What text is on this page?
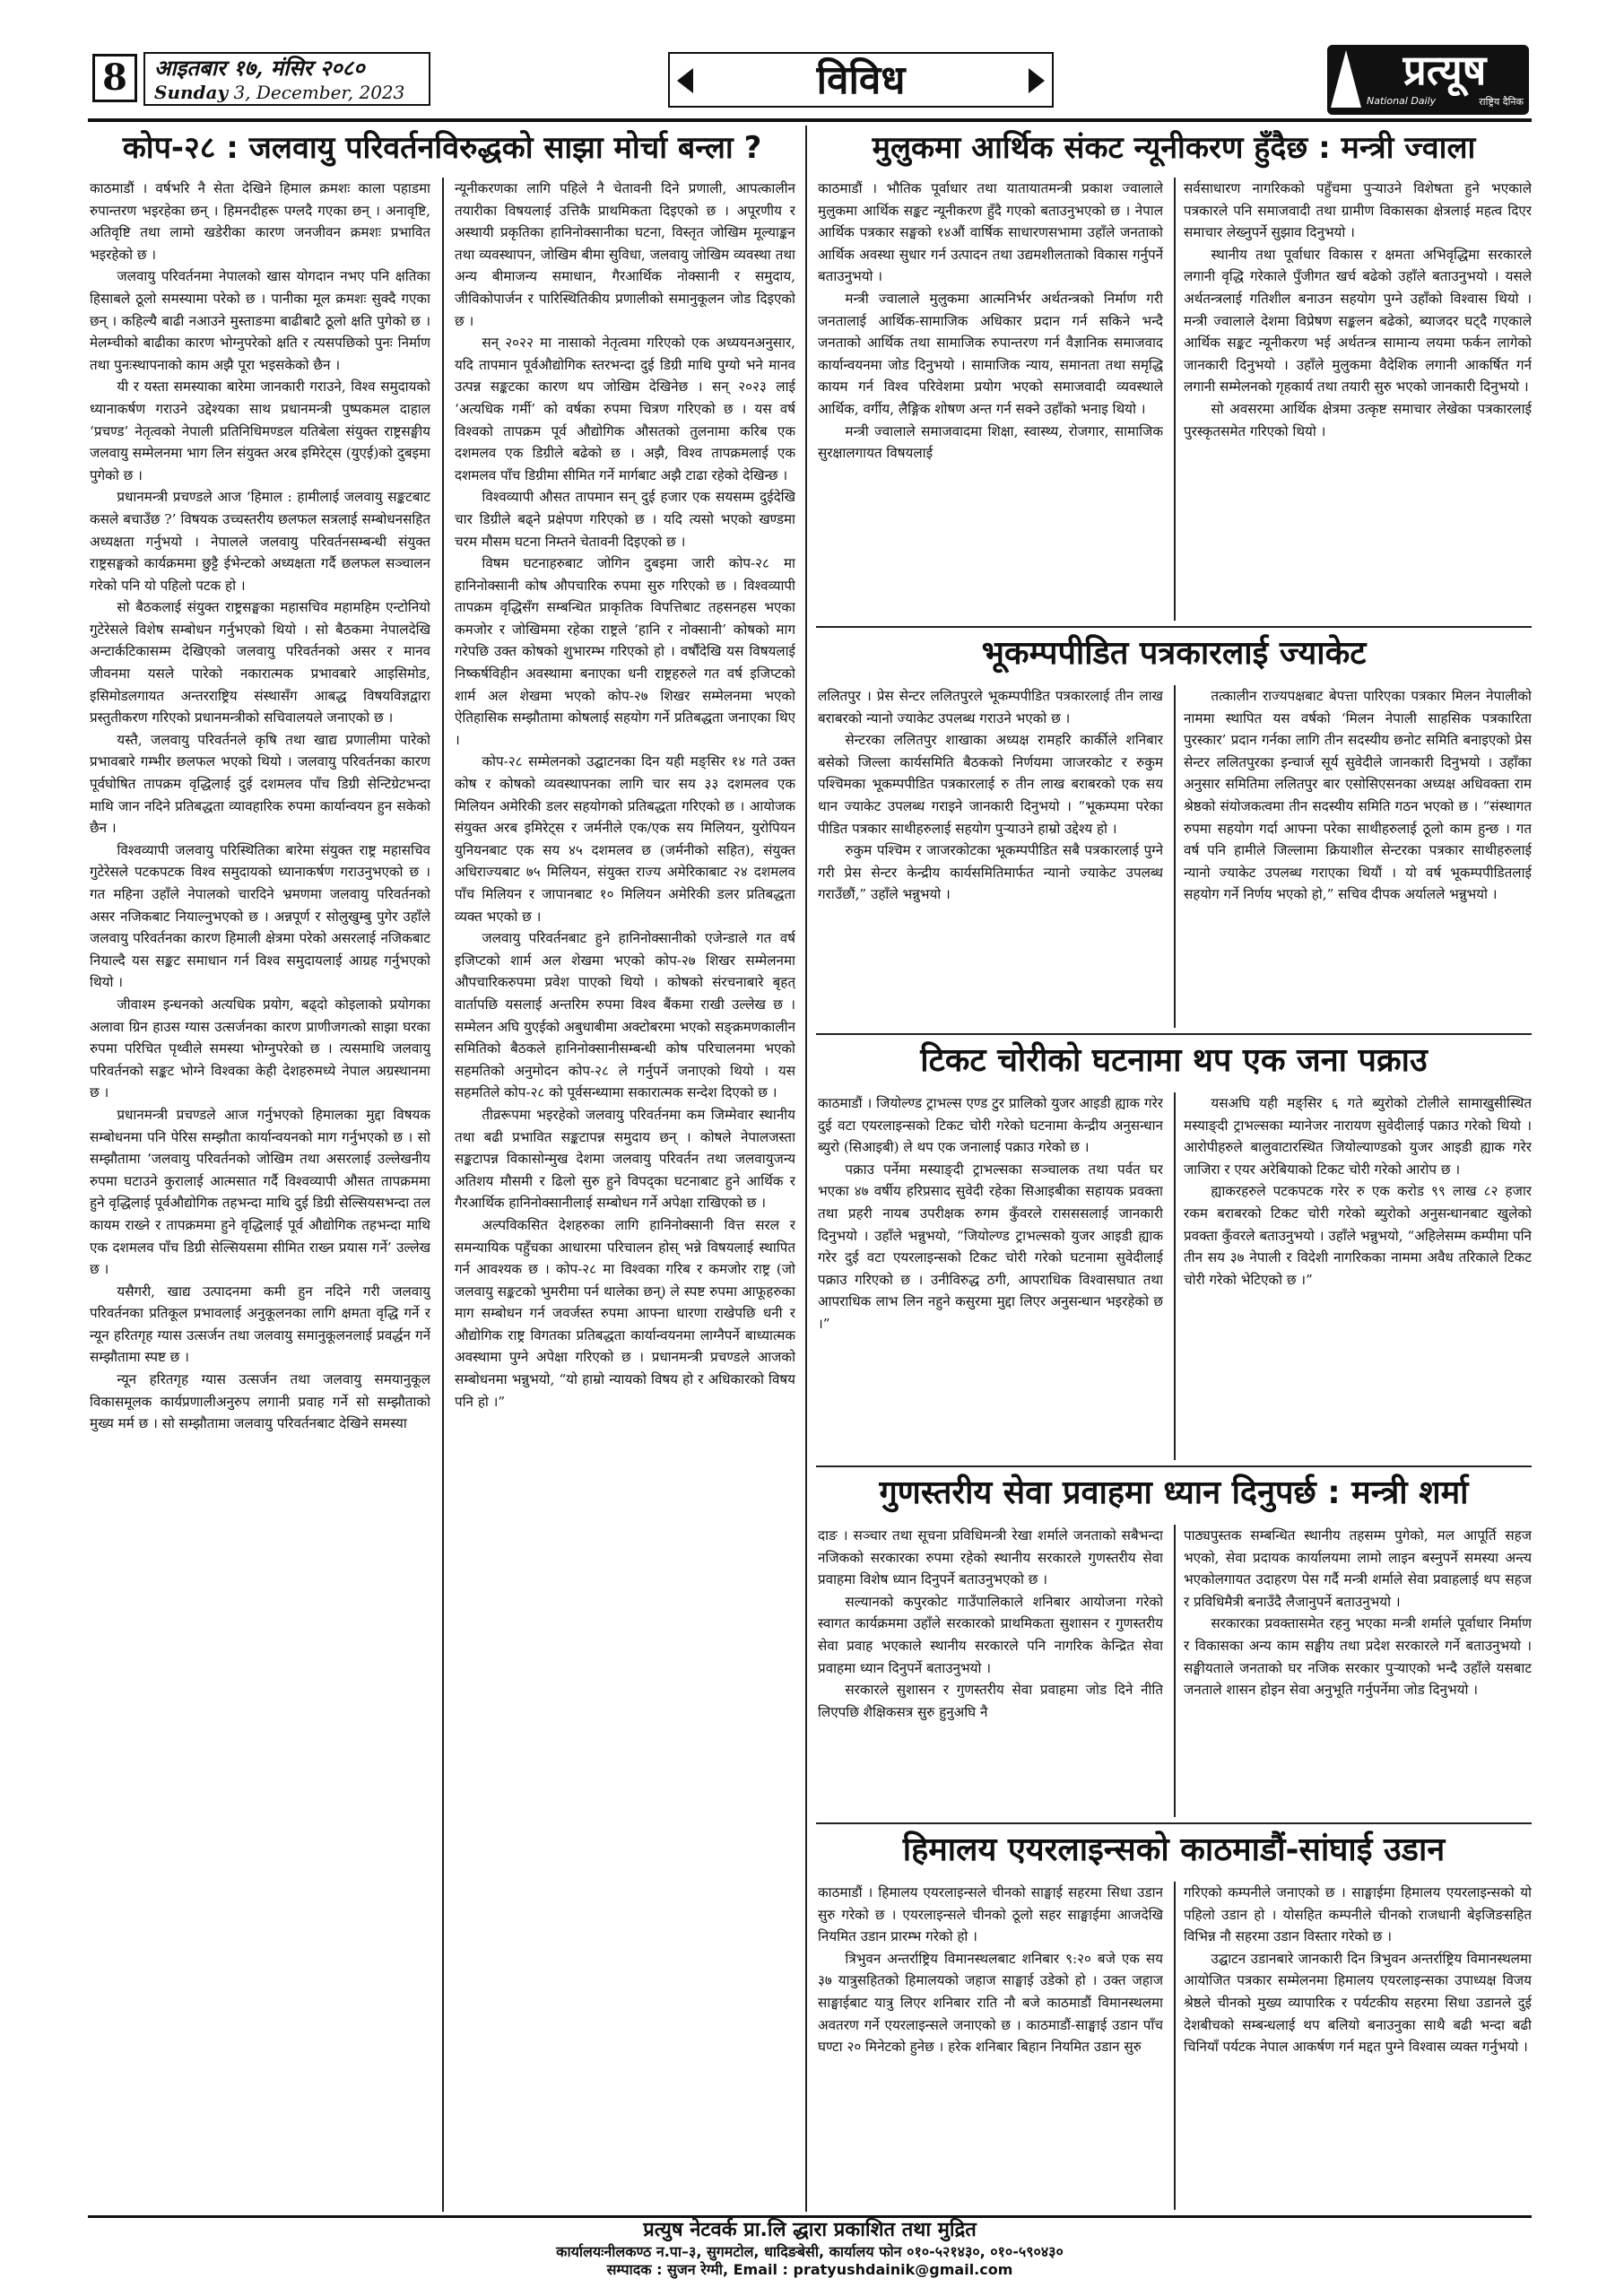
8	आइतबार १७, मंसिर २०८०
Sunday 3, December, 2023	विविध	प्रत्यूष
National Daily	राष्ट्रिय दैनिक
कोप-२८ : जलवायु परिवर्तनविरुद्धको साझा मोर्चा बन्ला ?

काठमाडौं । वर्षभरि नै सेता देखिने हिमाल क्रमशः काला पहाडमा रुपान्तरण भइरहेका छन् । हिमनदीहरू पग्लदै गएका छन् । अनावृष्टि, अतिवृष्टि तथा लामो खडेरीका कारण जनजीवन क्रमशः प्रभावित भइरहेको छ ।

जलवायु परिवर्तनमा नेपालको खास योगदान नभए पनि क्षतिका हिसाबले ठूलो समस्यामा परेको छ । पानीका मूल क्रमशः सुक्दै गएका छन् । कहिल्यै बाढी नआउने मुस्ताङमा बाढीबाटै ठूलो क्षति पुगेको छ । मेलम्चीको बाढीका कारण भोग्नुपरेको क्षति र त्यसपछिको पुनः निर्माण तथा पुनःस्थापनाको काम अझै पूरा भइसकेको छैन ।

यी र यस्ता समस्याका बारेमा जानकारी गराउने, विश्व समुदायको ध्यानाकर्षण गराउने उद्देश्यका साथ प्रधानमन्त्री पुष्पकमल दाहाल ‘प्रचण्ड’ नेतृत्वको नेपाली प्रतिनिधिमण्डल यतिबेला संयुक्त राष्ट्रसङ्घीय जलवायु सम्मेलनमा भाग लिन संयुक्त अरब इमिरेट्स (युएई)को दुबइमा पुगेको छ ।

प्रधानमन्त्री प्रचण्डले आज ‘हिमाल : हामीलाई जलवायु सङ्कटबाट कसले बचाउँछ ?’ विषयक उच्चस्तरीय छलफल सत्रलाई सम्बोधनसहित अध्यक्षता गर्नुभयो । नेपालले जलवायु परिवर्तनसम्बन्धी संयुक्त राष्ट्रसङ्घको कार्यक्रममा छुट्टै ईभेन्टको अध्यक्षता गर्दै छलफल सञ्चालन गरेको पनि यो पहिलो पटक हो ।

सो बैठकलाई संयुक्त राष्ट्रसङ्घका महासचिव महामहिम एन्टोनियो गुटेरेसले विशेष सम्बोधन गर्नुभएको थियो । सो बैठकमा नेपालदेखि अन्टार्कटिकासम्म देखिएको जलवायु परिवर्तनको असर र मानव जीवनमा यसले पारेको नकारात्मक प्रभावबारे आइसिमोड, इसिमोडलगायत अन्तरराष्ट्रिय संस्थासँग आबद्ध विषयविज्ञद्वारा प्रस्तुतीकरण गरिएको प्रधानमन्त्रीको सचिवालयले जनाएको छ ।

यस्तै, जलवायु परिवर्तनले कृषि तथा खाद्य प्रणालीमा पारेको प्रभावबारे गम्भीर छलफल भएको थियो । जलवायु परिवर्तनका कारण पूर्वघोषित तापक्रम वृद्धिलाई दुई दशमलव पाँच डिग्री सेन्टिग्रेटभन्दा माथि जान नदिने प्रतिबद्धता व्यावहारिक रुपमा कार्यान्वयन हुन सकेको छैन ।

विश्वव्यापी जलवायु परिस्थितिका बारेमा संयुक्त राष्ट्र महासचिव गुटेरेसले पटकपटक विश्व समुदायको ध्यानाकर्षण गराउनुभएको छ । गत महिना उहाँले नेपालको चारदिने भ्रमणमा जलवायु परिवर्तनको असर नजिकबाट नियाल्नुभएको छ । अन्नपूर्ण र सोलुखुम्बु पुगेर उहाँले जलवायु परिवर्तनका कारण हिमाली क्षेत्रमा परेको असरलाई नजिकबाट नियाल्दै यस सङ्कट समाधान गर्न विश्व समुदायलाई आग्रह गर्नुभएको थियो ।

जीवाश्म इन्धनको अत्यधिक प्रयोग, बढ्दो कोइलाको प्रयोगका अलावा ग्रिन हाउस ग्यास उत्सर्जनका कारण प्राणीजगत्को साझा घरका रुपमा परिचित पृथ्वीले समस्या भोग्नुपरेको छ । त्यसमाथि जलवायु परिवर्तनको सङ्कट भोग्ने विश्वका केही देशहरुमध्ये नेपाल अग्रस्थानमा छ ।

प्रधानमन्त्री प्रचण्डले आज गर्नुभएको हिमालका मुद्दा विषयक सम्बोधनमा पनि पेरिस सम्झौता कार्यान्वयनको माग गर्नुभएको छ । सो सम्झौतामा ‘जलवायु परिवर्तनको जोखिम तथा असरलाई उल्लेखनीय रुपमा घटाउने कुरालाई आत्मसात गर्दै विश्वव्यापी औसत तापक्रममा हुने वृद्धिलाई पूर्वऔद्योगिक तहभन्दा माथि दुई डिग्री सेल्सियसभन्दा तल कायम राख्ने र तापक्रममा हुने वृद्धिलाई पूर्व औद्योगिक तहभन्दा माथि एक दशमलव पाँच डिग्री सेल्सियसमा सीमित राख्न प्रयास गर्ने’ उल्लेख छ ।

यसैगरी, खाद्य उत्पादनमा कमी हुन नदिने गरी जलवायु परिवर्तनका प्रतिकूल प्रभावलाई अनुकूलनका लागि क्षमता वृद्धि गर्ने र न्यून हरितगृह ग्यास उत्सर्जन तथा जलवायु समानुकूलनलाई प्रवर्द्धन गर्ने सम्झौतामा स्पष्ट छ ।

न्यून हरितगृह ग्यास उत्सर्जन तथा जलवायु समयानुकूल विकासमूलक कार्यप्रणालीअनुरुप लगानी प्रवाह गर्ने सो सम्झौताको मुख्य मर्म छ । सो सम्झौतामा जलवायु परिवर्तनबाट देखिने समस्या

न्यूनीकरणका लागि पहिले नै चेतावनी दिने प्रणाली, आपत्कालीन तयारीका विषयलाई उत्तिकै प्राथमिकता दिइएको छ । अपूरणीय र अस्थायी प्रकृतिका हानिनोक्सानीका घटना, विस्तृत जोखिम मूल्याङ्कन तथा व्यवस्थापन, जोखिम बीमा सुविधा, जलवायु जोखिम व्यवस्था तथा अन्य बीमाजन्य समाधान, गैरआर्थिक नोक्सानी र समुदाय, जीविकोपार्जन र पारिस्थितिकीय प्रणालीको समानुकूलन जोड दिइएको छ ।

सन् २०२२ मा नासाको नेतृत्वमा गरिएको एक अध्ययनअनुसार, यदि तापमान पूर्वऔद्योगिक स्तरभन्दा दुई डिग्री माथि पुग्यो भने मानव उत्पन्न सङ्कटका कारण थप जोखिम देखिनेछ । सन् २०२३ लाई ‘अत्यधिक गर्मी’ को वर्षका रुपमा चित्रण गरिएको छ । यस वर्ष विश्वको तापक्रम पूर्व औद्योगिक औसतको तुलनामा करिब एक दशमलव एक डिग्रीले बढेको छ । अझै, विश्व तापक्रमलाई एक दशमलव पाँच डिग्रीमा सीमित गर्ने मार्गबाट अझै टाढा रहेको देखिन्छ ।

विश्वव्यापी औसत तापमान सन् दुई हजार एक सयसम्म दुईदेखि चार डिग्रीले बढ्ने प्रक्षेपण गरिएको छ । यदि त्यसो भएको खण्डमा चरम मौसम घटना निम्तने चेतावनी दिइएको छ ।

विषम घटनाहरुबाट जोगिन दुबइमा जारी कोप-२८ मा हानिनोक्सानी कोष औपचारिक रुपमा सुरु गरिएको छ । विश्वव्यापी तापक्रम वृद्धिसँग सम्बन्धित प्राकृतिक विपत्तिबाट तहसनहस भएका कमजोर र जोखिममा रहेका राष्ट्रले ‘हानि र नोक्सानी’ कोषको माग गरेपछि उक्त कोषको शुभारम्भ गरिएको हो । वर्षौंदेखि यस विषयलाई निष्कर्षविहीन अवस्थामा बनाएका धनी राष्ट्रहरुले गत वर्ष इजिप्टको शार्म अल शेखमा भएको कोप-२७ शिखर सम्मेलनमा भएको ऐतिहासिक सम्झौतामा कोषलाई सहयोग गर्ने प्रतिबद्धता जनाएका थिए ।

कोप-२८ सम्मेलनको उद्घाटनका दिन यही मङ्सिर १४ गते उक्त कोष र कोषको व्यवस्थापनका लागि चार सय ३३ दशमलव एक मिलियन अमेरिकी डलर सहयोगको प्रतिबद्धता गरिएको छ । आयोजक संयुक्त अरब इमिरेट्स र जर्मनीले एक/एक सय मिलियन, युरोपियन युनियनबाट एक सय ४५ दशमलव छ (जर्मनीको सहित), संयुक्त अधिराज्यबाट ७५ मिलियन, संयुक्त राज्य अमेरिकाबाट २४ दशमलव पाँच मिलियन र जापानबाट १० मिलियन अमेरिकी डलर प्रतिबद्धता व्यक्त भएको छ ।

जलवायु परिवर्तनबाट हुने हानिनोक्सानीको एजेन्डाले गत वर्ष इजिप्टको शार्म अल शेखमा भएको कोप-२७ शिखर सम्मेलनमा औपचारिकरुपमा प्रवेश पाएको थियो । कोषको संरचनाबारे बृहत् वार्तापछि यसलाई अन्तरिम रुपमा विश्व बैंकमा राखी उल्लेख छ । सम्मेलन अघि युएईको अबुधाबीमा अक्टोबरमा भएको सङ्क्रमणकालीन समितिको बैठकले हानिनोक्सानीसम्बन्धी कोष परिचालनमा भएको सहमतिको अनुमोदन कोप-२८ ले गर्नुपर्ने जनाएको थियो । यस सहमतिले कोप-२८ को पूर्वसन्ध्यामा सकारात्मक सन्देश दिएको छ ।

तीव्ररूपमा भइरहेको जलवायु परिवर्तनमा कम जिम्मेवार स्थानीय तथा बढी प्रभावित सङ्कटापन्न समुदाय छन् । कोषले नेपालजस्ता सङ्कटापन्न विकासोन्मुख देशमा जलवायु परिवर्तन तथा जलवायुजन्य अतिशय मौसमी र ढिलो सुरु हुने विपद्का घटनाबाट हुने आर्थिक र गैरआर्थिक हानिनोक्सानीलाई सम्बोधन गर्ने अपेक्षा राखिएको छ ।

अल्पविकसित देशहरुका लागि हानिनोक्सानी वित्त सरल र समन्यायिक पहुँचका आधारमा परिचालन होस् भन्ने विषयलाई स्थापित गर्न आवश्यक छ । कोप-२८ मा विश्वका गरिब र कमजोर राष्ट्र (जो जलवायु सङ्कटको भुमरीमा पर्न थालेका छन्) ले स्पष्ट रुपमा आफूहरुका माग सम्बोधन गर्न जवर्जस्त रुपमा आफ्ना धारणा राखेपछि धनी र औद्योगिक राष्ट्र विगतका प्रतिबद्धता कार्यान्वयनमा लाग्नैपर्ने बाध्यात्मक अवस्थामा पुग्ने अपेक्षा गरिएको छ । प्रधानमन्त्री प्रचण्डले आजको सम्बोधनमा भन्नुभयो, “यो हाम्रो न्यायको विषय हो र अधिकारको विषय पनि हो ।”

मुलुकमा आर्थिक संकट न्यूनीकरण हुँदैछ : मन्त्री ज्वाला

काठमाडौं । भौतिक पूर्वाधार तथा यातायातमन्त्री प्रकाश ज्वालाले मुलुकमा आर्थिक सङ्कट न्यूनीकरण हुँदै गएको बताउनुभएको छ । नेपाल आर्थिक पत्रकार सङ्घको १४औं वार्षिक साधारणसभामा उहाँले जनताको आर्थिक अवस्था सुधार गर्न उत्पादन तथा उद्यमशीलताको विकास गर्नुपर्ने बताउनुभयो ।

मन्त्री ज्वालाले मुलुकमा आत्मनिर्भर अर्थतन्त्रको निर्माण गरी जनतालाई आर्थिक-सामाजिक अधिकार प्रदान गर्न सकिने भन्दै जनताको आर्थिक तथा सामाजिक रुपान्तरण गर्न वैज्ञानिक समाजवाद कार्यान्वयनमा जोड दिनुभयो । सामाजिक न्याय, समानता तथा समृद्धि कायम गर्न विश्व परिवेशमा प्रयोग भएको समाजवादी व्यवस्थाले आर्थिक, वर्गीय, लैङ्गिक शोषण अन्त गर्न सक्ने उहाँको भनाइ थियो ।

मन्त्री ज्वालाले समाजवादमा शिक्षा, स्वास्थ्य, रोजगार, सामाजिक सुरक्षालगायत विषयलाई

सर्वसाधारण नागरिकको पहुँचमा पुऱ्याउने विशेषता हुने भएकाले पत्रकारले पनि समाजवादी तथा ग्रामीण विकासका क्षेत्रलाई महत्व दिएर समाचार लेख्नुपर्ने सुझाव दिनुभयो ।

स्थानीय तथा पूर्वाधार विकास र क्षमता अभिवृद्धिमा सरकारले लगानी वृद्धि गरेकाले पुँजीगत खर्च बढेको उहाँले बताउनुभयो । यसले अर्थतन्त्रलाई गतिशील बनाउन सहयोग पुग्ने उहाँको विश्वास थियो । मन्त्री ज्वालाले देशमा विप्रेषण सङ्कलन बढेको, ब्याजदर घट्दै गएकाले आर्थिक सङ्कट न्यूनीकरण भई अर्थतन्त्र सामान्य लयमा फर्कन लागेको जानकारी दिनुभयो । उहाँले मुलुकमा वैदेशिक लगानी आकर्षित गर्न लगानी सम्मेलनको गृहकार्य तथा तयारी सुरु भएको जानकारी दिनुभयो ।

सो अवसरमा आर्थिक क्षेत्रमा उत्कृष्ट समाचार लेखेका पत्रकारलाई पुरस्कृतसमेत गरिएको थियो ।

भूकम्पपीडित पत्रकारलाई ज्याकेट

ललितपुर । प्रेस सेन्टर ललितपुरले भूकम्पपीडित पत्रकारलाई तीन लाख बराबरको न्यानो ज्याकेट उपलब्ध गराउने भएको छ ।

सेन्टरका ललितपुर शाखाका अध्यक्ष रामहरि कार्कीले शनिबार बसेको जिल्ला कार्यसमिति बैठकको निर्णयमा जाजरकोट र रुकुम पश्चिमका भूकम्पपीडित पत्रकारलाई रु तीन लाख बराबरको एक सय थान ज्याकेट उपलब्ध गराइने जानकारी दिनुभयो । “भूकम्पमा परेका पीडित पत्रकार साथीहरुलाई सहयोग पुऱ्याउने हाम्रो उद्देश्य हो ।

रुकुम पश्चिम र जाजरकोटका भूकम्पपीडित सबै पत्रकारलाई पुग्ने गरी प्रेस सेन्टर केन्द्रीय कार्यसमितिमार्फत न्यानो ज्याकेट उपलब्ध गराउँछौं,” उहाँले भन्नुभयो ।

तत्कालीन राज्यपक्षबाट बेपत्ता पारिएका पत्रकार मिलन नेपालीको नाममा स्थापित यस वर्षको ‘मिलन नेपाली साहसिक पत्रकारिता पुरस्कार’ प्रदान गर्नका लागि तीन सदस्यीय छनोट समिति बनाइएको प्रेस सेन्टर ललितपुरका इन्चार्ज सूर्य सुवेदीले जानकारी दिनुभयो । उहाँका अनुसार समितिमा ललितपुर बार एसोसिएसनका अध्यक्ष अधिवक्ता राम श्रेष्ठको संयोजकत्वमा तीन सदस्यीय समिति गठन भएको छ । “संस्थागत रुपमा सहयोग गर्दा आफ्ना परेका साथीहरुलाई ठूलो काम हुन्छ । गत वर्ष पनि हामीले जिल्लामा क्रियाशील सेन्टरका पत्रकार साथीहरुलाई न्यानो ज्याकेट उपलब्ध गराएका थियौं । यो वर्ष भूकम्पपीडितलाई सहयोग गर्ने निर्णय भएको हो,” सचिव दीपक अर्यालले भन्नुभयो ।

टिकट चोरीको घटनामा थप एक जना पक्राउ

काठमाडौं । जियोल्ण्ड ट्राभल्स एण्ड टुर प्रालिको युजर आइडी ह्याक गरेर दुई वटा एयरलाइन्सको टिकट चोरी गरेको घटनामा केन्द्रीय अनुसन्धान ब्युरो (सिआइबी) ले थप एक जनालाई पक्राउ गरेको छ ।

पक्राउ पर्नेमा मस्याङ्दी ट्राभल्सका सञ्चालक तथा पर्वत घर भएका ४७ वर्षीय हरिप्रसाद सुवेदी रहेका सिआइबीका सहायक प्रवक्ता तथा प्रहरी नायब उपरीक्षक रुगम कुँवरले रासससलाई जानकारी दिनुभयो । उहाँले भन्नुभयो, “जियोल्ण्ड ट्राभल्सको युजर आइडी ह्याक गरेर दुई वटा एयरलाइन्सको टिकट चोरी गरेको घटनामा सुवेदीलाई पक्राउ गरिएको छ । उनीविरुद्ध ठगी, आपराधिक विश्वासघात तथा आपराधिक लाभ लिन नहुने कसुरमा मुद्दा लिएर अनुसन्धान भइरहेको छ ।”

यसअघि यही मङ्सिर ६ गते ब्युरोको टोलीले सामाखुसीस्थित मस्याङ्दी ट्राभल्सका म्यानेजर नारायण सुवेदीलाई पक्राउ गरेको थियो । आरोपीहरुले बालुवाटारस्थित जियोल्याण्डको युजर आइडी ह्याक गरेर जाजिरा र एयर अरेबियाको टिकट चोरी गरेको आरोप छ ।

ह्याकरहरुले पटकपटक गरेर रु एक करोड ९९ लाख ८२ हजार रकम बराबरको टिकट चोरी गरेको ब्युरोको अनुसन्धानबाट खुलेको प्रवक्ता कुँवरले बताउनुभयो । उहाँले भन्नुभयो, “अहिलेसम्म कम्पीमा पनि तीन सय ३७ नेपाली र विदेशी नागरिकका नाममा अवैध तरिकाले टिकट चोरी गरेको भेटिएको छ ।”

गुणस्तरीय सेवा प्रवाहमा ध्यान दिनुपर्छ : मन्त्री शर्मा

दाङ । सञ्चार तथा सूचना प्रविधिमन्त्री रेखा शर्माले जनताको सबैभन्दा नजिकको सरकारका रुपमा रहेको स्थानीय सरकारले गुणस्तरीय सेवा प्रवाहमा विशेष ध्यान दिनुपर्ने बताउनुभएको छ ।

सल्यानको कपुरकोट गाउँपालिकाले शनिबार आयोजना गरेको स्वागत कार्यक्रममा उहाँले सरकारको प्राथमिकता सुशासन र गुणस्तरीय सेवा प्रवाह भएकाले स्थानीय सरकारले पनि नागरिक केन्द्रित सेवा प्रवाहमा ध्यान दिनुपर्ने बताउनुभयो ।

सरकारले सुशासन र गुणस्तरीय सेवा प्रवाहमा जोड दिने नीति लिएपछि शैक्षिकसत्र सुरु हुनुअघि नै

पाठ्यपुस्तक सम्बन्धित स्थानीय तहसम्म पुगेको, मल आपूर्ति सहज भएको, सेवा प्रदायक कार्यालयमा लामो लाइन बस्नुपर्ने समस्या अन्त्य भएकोलगायत उदाहरण पेस गर्दै मन्त्री शर्माले सेवा प्रवाहलाई थप सहज र प्रविधिमैत्री बनाउँदै लैजानुपर्ने बताउनुभयो ।

सरकारका प्रवक्तासमेत रहनु भएका मन्त्री शर्माले पूर्वाधार निर्माण र विकासका अन्य काम सङ्घीय तथा प्रदेश सरकारले गर्ने बताउनुभयो । सङ्घीयताले जनताको घर नजिक सरकार पुऱ्याएको भन्दै उहाँले यसबाट जनताले शासन होइन सेवा अनुभूति गर्नुपर्नेमा जोड दिनुभयो ।

हिमालय एयरलाइन्सको काठमाडौं-सांघाई उडान

काठमाडौं । हिमालय एयरलाइन्सले चीनको साङ्घाई सहरमा सिधा उडान सुरु गरेको छ । एयरलाइन्सले चीनको ठूलो सहर साङ्घाईमा आजदेखि नियमित उडान प्रारम्भ गरेको हो ।

त्रिभुवन अन्तर्राष्ट्रिय विमानस्थलबाट शनिबार ९:२० बजे एक सय ३७ यात्रुसहितको हिमालयको जहाज साङ्घाई उडेको हो । उक्त जहाज साङ्घाईबाट यात्रु लिएर शनिबार राति नौ बजे काठमाडौं विमानस्थलमा अवतरण गर्ने एयरलाइन्सले जनाएको छ । काठमाडौं-साङ्घाई उडान पाँच घण्टा २० मिनेटको हुनेछ । हरेक शनिबार बिहान नियमित उडान सुरु

गरिएको कम्पनीले जनाएको छ । साङ्घाईमा हिमालय एयरलाइन्सको यो पहिलो उडान हो । योसहित कम्पनीले चीनको राजधानी बेइजिङसहित विभिन्न नौ सहरमा उडान विस्तार गरेको छ ।

उद्घाटन उडानबारे जानकारी दिन त्रिभुवन अन्तर्राष्ट्रिय विमानस्थलमा आयोजित पत्रकार सम्मेलनमा हिमालय एयरलाइन्सका उपाध्यक्ष विजय श्रेष्ठले चीनको मुख्य व्यापारिक र पर्यटकीय सहरमा सिधा उडानले दुई देशबीचको सम्बन्धलाई थप बलियो बनाउनुका साथै बढी भन्दा बढी चिनियाँ पर्यटक नेपाल आकर्षण गर्न मद्दत पुग्ने विश्वास व्यक्त गर्नुभयो ।

प्रत्युष नेटवर्क प्रा.लि द्धारा प्रकाशित तथा मुद्रित
कार्यालयःनीलकण्ठ न.पा–३, सुगमटोल, धादिङबेसी, कार्यालय फोन ०१०-५२१४३०, ०१०-५९०४३०
सम्पादक : सुजन रेग्मी, Email : pratyushdainik@gmail.com
